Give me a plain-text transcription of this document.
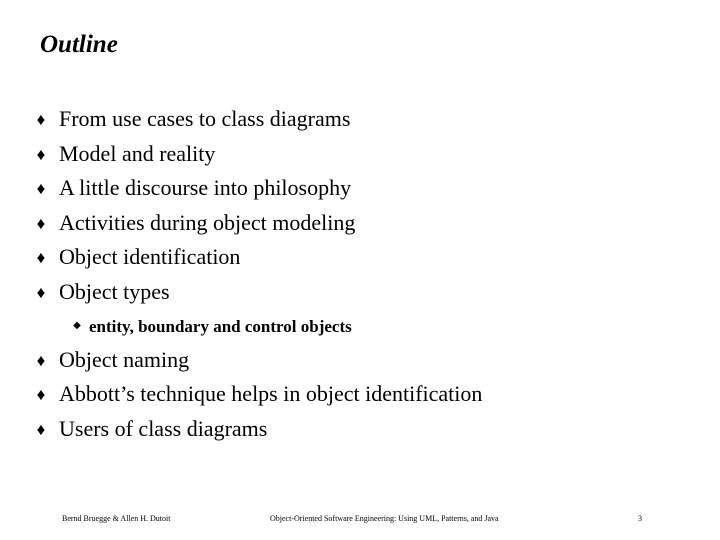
Outline
♦ From use cases to class diagrams
♦ Model and reality
♦ A little discourse into philosophy
♦ Activities during object modeling
♦ Object identification
♦ Object types
◆ entity, boundary and control objects
♦ Object naming
♦ Abbott’s technique helps in object identification
♦ Users of class diagrams
Bernd Bruegge & Allen H. Dutoit	Object-Oriented Software Engineering: Using UML, Patterns, and Java	3
